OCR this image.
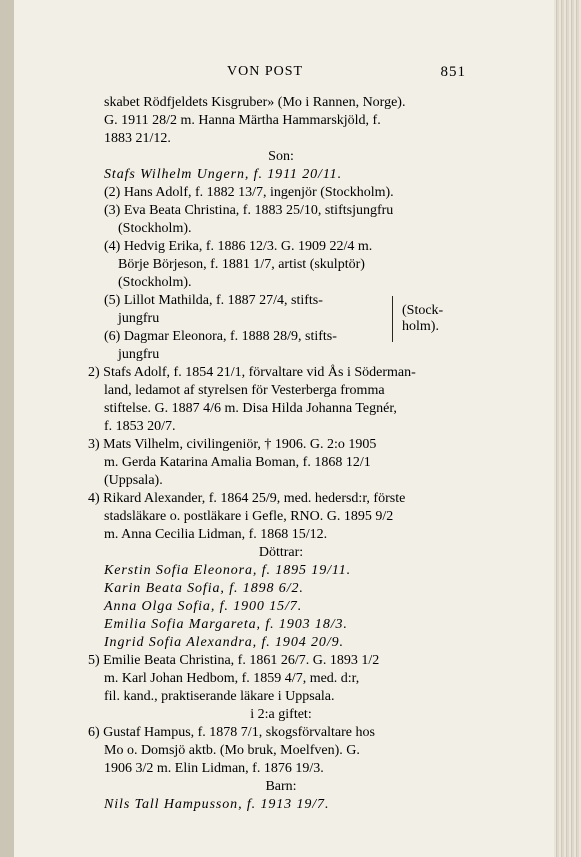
VON POST	851
skabet Rödfjeldets Kisgruber» (Mo i Rannen, Norge).
G. 1911 28/2 m. Hanna Märtha Hammarskjöld, f.
1883 21/12.
Son:
Stafs Wilhelm Ungern, f. 1911 20/11.
(2) Hans Adolf, f. 1882 13/7, ingenjör (Stockholm).
(3) Eva Beata Christina, f. 1883 25/10, stiftsjungfru
(Stockholm).
(4) Hedvig Erika, f. 1886 12/3. G. 1909 22/4 m.
Börje Börjeson, f. 1881 1/7, artist (skulptör)
(Stockholm).
(5) Lillot Mathilda, f. 1887 27/4, stifts-
jungfru
(6) Dagmar Eleonora, f. 1888 28/9, stifts-
jungfru
(Stock-
holm).
2) Stafs Adolf, f. 1854 21/1, förvaltare vid Ås i Söderman-
land, ledamot af styrelsen för Vesterberga fromma
stiftelse. G. 1887 4/6 m. Disa Hilda Johanna Tegnér,
f. 1853 20/7.
3) Mats Vilhelm, civilingeniör, † 1906. G. 2:o 1905
m. Gerda Katarina Amalia Boman, f. 1868 12/1
(Uppsala).
4) Rikard Alexander, f. 1864 25/9, med. hedersd:r, förste
stadsläkare o. postläkare i Gefle, RNO. G. 1895 9/2
m. Anna Cecilia Lidman, f. 1868 15/12.
Döttrar:
Kerstin Sofia Eleonora, f. 1895 19/11.
Karin Beata Sofia, f. 1898 6/2.
Anna Olga Sofia, f. 1900 15/7.
Emilia Sofia Margareta, f. 1903 18/3.
Ingrid Sofia Alexandra, f. 1904 20/9.
5) Emilie Beata Christina, f. 1861 26/7. G. 1893 1/2
m. Karl Johan Hedbom, f. 1859 4/7, med. d:r,
fil. kand., praktiserande läkare i Uppsala.
i 2:a giftet:
6) Gustaf Hampus, f. 1878 7/1, skogsförvaltare hos
Mo o. Domsjö aktb. (Mo bruk, Moelfven). G.
1906 3/2 m. Elin Lidman, f. 1876 19/3.
Barn:
Nils Tall Hampusson, f. 1913 19/7.
